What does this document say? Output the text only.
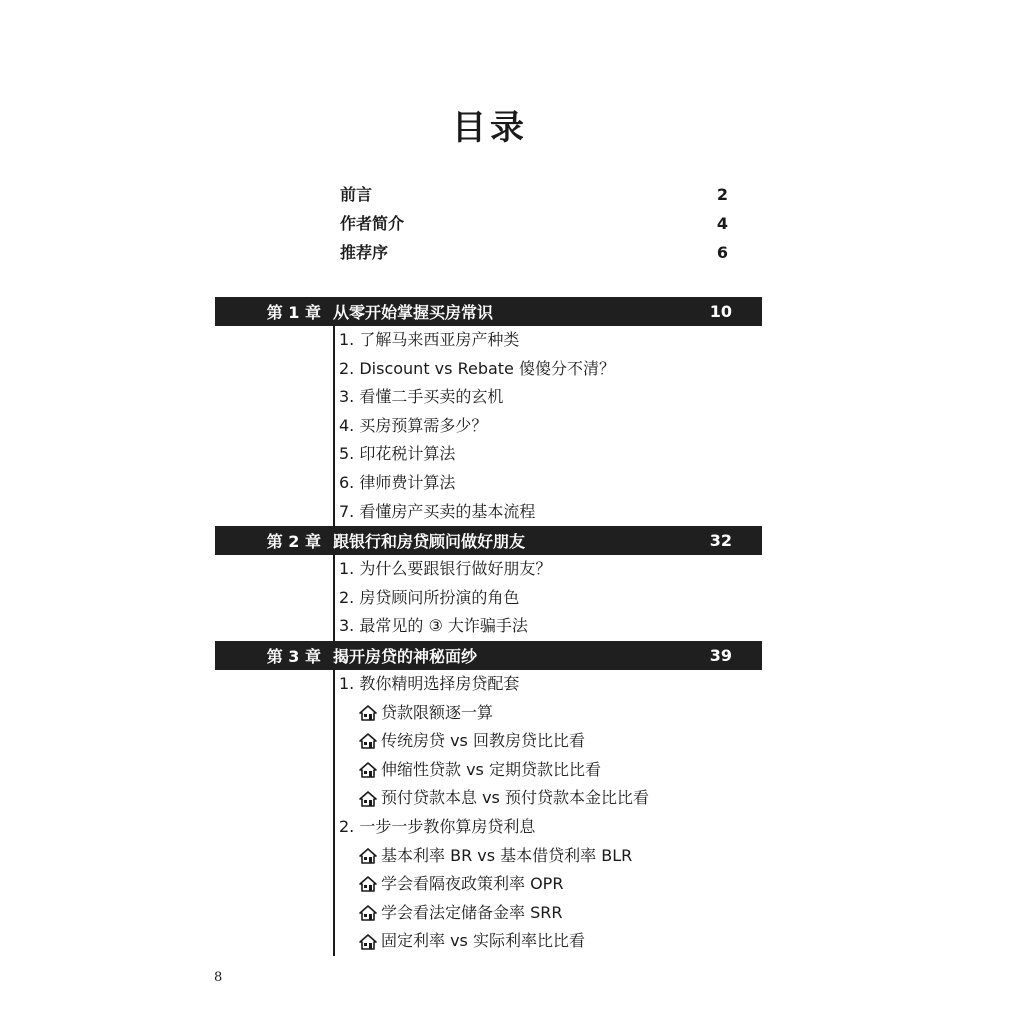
目录
前言	2
作者简介	4
推荐序	6
第 1 章 从零开始掌握买房常识	10
1. 了解马来西亚房产种类
2. Discount vs Rebate 傻傻分不清？
3. 看懂二手买卖的玄机
4. 买房预算需多少？
5. 印花税计算法
6. 律师费计算法
7. 看懂房产买卖的基本流程
第 2 章 跟银行和房贷顾问做好朋友	32
1. 为什么要跟银行做好朋友？
2. 房贷顾问所扮演的角色
3. 最常见的 ③ 大诈骗手法
第 3 章 揭开房贷的神秘面纱	39
1. 教你精明选择房贷配套
贷款限额逐一算
传统房贷 vs 回教房贷比比看
伸缩性贷款 vs 定期贷款比比看
预付贷款本息 vs 预付贷款本金比比看
2. 一步一步教你算房贷利息
基本利率 BR vs 基本借贷利率 BLR
学会看隔夜政策利率 OPR
学会看法定储备金率 SRR
固定利率 vs 实际利率比比看
8
